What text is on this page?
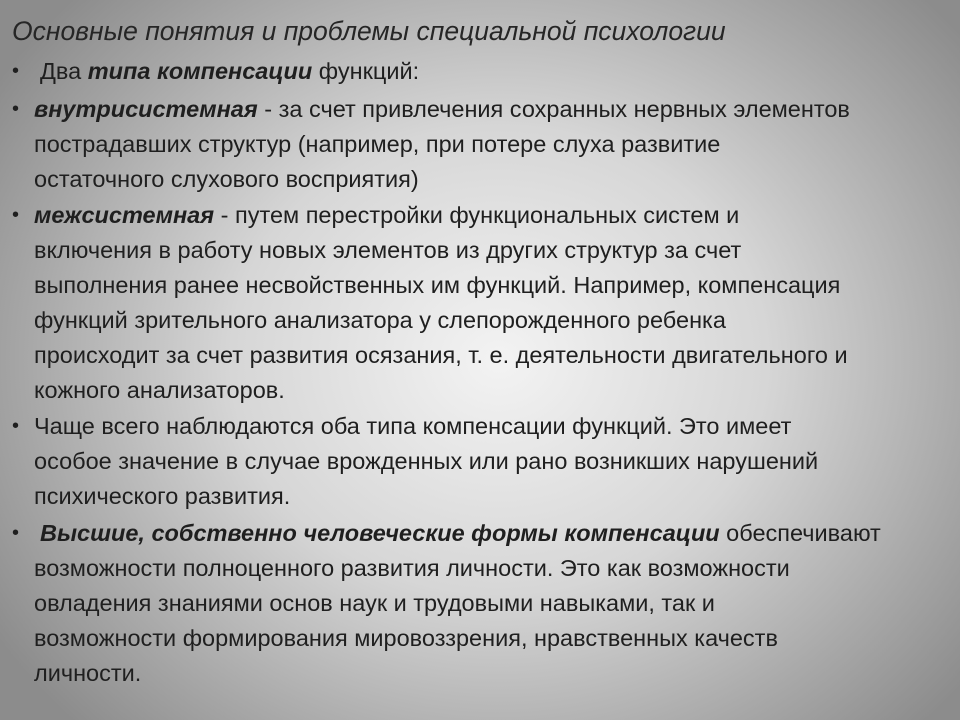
Основные понятия и проблемы специальной психологии
• Два типа компенсации функций:
• внутрисистемная - за счет привлечения сохранных нервных элементов
пострадавших структур (например, при потере слуха развитие
остаточного слухового восприятия)
• межсистемная - путем перестройки функциональных систем и
включения в работу новых элементов из других структур за счет
выполнения ранее несвойственных им функций. Например, компенсация
функций зрительного анализатора у слепорожденного ребенка
происходит за счет развития осязания, т. е. деятельности двигательного и
кожного анализаторов.
• Чаще всего наблюдаются оба типа компенсации функций. Это имеет
особое значение в случае врожденных или рано возникших нарушений
психического развития.
• Высшие, собственно человеческие формы компенсации обеспечивают
возможности полноценного развития личности. Это как возможности
овладения знаниями основ наук и трудовыми навыками, так и
возможности формирования мировоззрения, нравственных качеств
личности.
